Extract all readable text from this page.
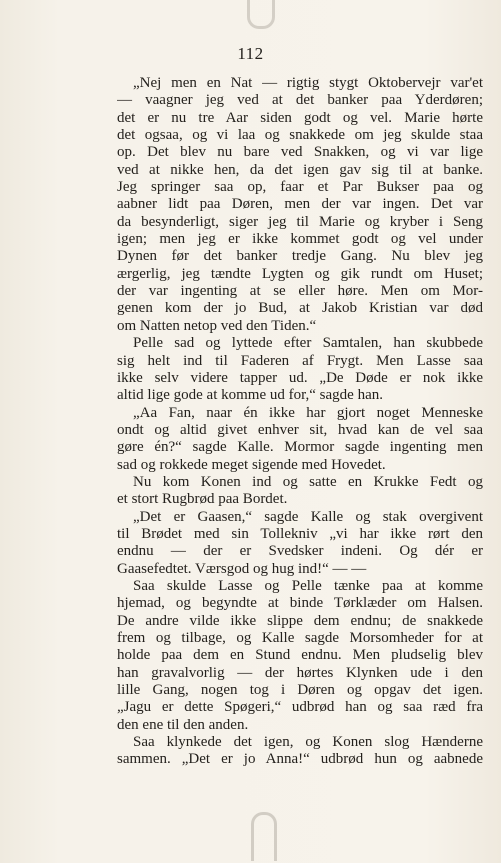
112
„Nej men en Nat — rigtig stygt Oktobervejr var'et
— vaagner jeg ved at det banker paa Yderdøren;
det er nu tre Aar siden godt og vel. Marie hørte
det ogsaa, og vi laa og snakkede om jeg skulde staa
op. Det blev nu bare ved Snakken, og vi var lige
ved at nikke hen, da det igen gav sig til at banke.
Jeg springer saa op, faar et Par Bukser paa og
aabner lidt paa Døren, men der var ingen. Det var
da besynderligt, siger jeg til Marie og kryber i Seng
igen; men jeg er ikke kommet godt og vel under
Dynen før det banker tredje Gang. Nu blev jeg
ærgerlig, jeg tændte Lygten og gik rundt om Huset;
der var ingenting at se eller høre. Men om Mor-
genen kom der jo Bud, at Jakob Kristian var død
om Natten netop ved den Tiden.“
Pelle sad og lyttede efter Samtalen, han skubbede
sig helt ind til Faderen af Frygt. Men Lasse saa
ikke selv videre tapper ud. „De Døde er nok ikke
altid lige gode at komme ud for,“ sagde han.
„Aa Fan, naar én ikke har gjort noget Menneske
ondt og altid givet enhver sit, hvad kan de vel saa
gøre én?“ sagde Kalle. Mormor sagde ingenting men
sad og rokkede meget sigende med Hovedet.
Nu kom Konen ind og satte en Krukke Fedt og
et stort Rugbrød paa Bordet.
„Det er Gaasen,“ sagde Kalle og stak overgivent
til Brødet med sin Tollekniv „vi har ikke rørt den
endnu — der er Svedsker indeni. Og dér er
Gaasefedtet. Værsgod og hug ind!“ — —
Saa skulde Lasse og Pelle tænke paa at komme
hjemad, og begyndte at binde Tørklæder om Halsen.
De andre vilde ikke slippe dem endnu; de snakkede
frem og tilbage, og Kalle sagde Morsomheder for at
holde paa dem en Stund endnu. Men pludselig blev
han gravalvorlig — der hørtes Klynken ude i den
lille Gang, nogen tog i Døren og opgav det igen.
„Jagu er dette Spøgeri,“ udbrød han og saa ræd fra
den ene til den anden.
Saa klynkede det igen, og Konen slog Hænderne
sammen. „Det er jo Anna!“ udbrød hun og aabnede
